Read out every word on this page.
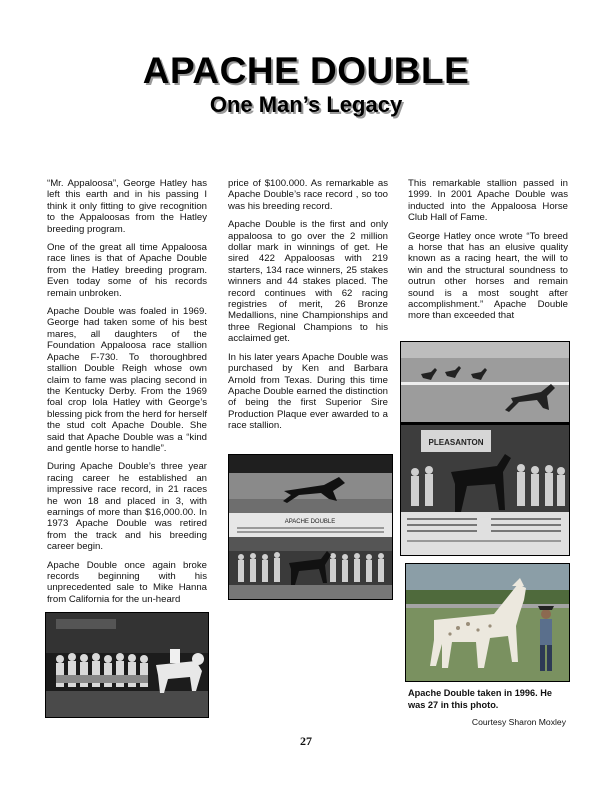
APACHE DOUBLE
One Man’s Legacy

“Mr. Appaloosa”, George Hatley has left this earth and in his passing I think it only fitting to give recognition to the Appaloosas from the Hatley breeding program.

One of the great all time Appaloosa race lines is that of Apache Double from the Hatley breeding program. Even today some of his records remain unbroken.

Apache Double was foaled in 1969. George had taken some of his best mares, all daughters of the Foundation Appaloosa race stallion Apache F-730. To thoroughbred stallion Double Reigh whose own claim to fame was placing second in the Kentucky Derby. From the 1969 foal crop Iola Hatley with George’s blessing pick from the herd for herself the stud colt Apache Double. She said that Apache Double was a “kind and gentle horse to handle”.

During Apache Double’s three year racing career he established an impressive race record, in 21 races he won 18 and placed in 3, with earnings of more than $16,000.00. In 1973 Apache Double was retired from the track and his breeding career begin.

Apache Double once again broke records beginning with his unprecedented sale to Mike Hanna from California for the un-heard

price of $100.000. As remarkable as Apache Double’s race record , so too was his breeding record.

Apache Double is the first and only appaloosa to go over the 2 million dollar mark in winnings of get. He sired 422 Appaloosas with 219 starters, 134 race winners, 25 stakes winners and 44 stakes placed. The record continues with 62 racing registries of merit, 26 Bronze Medallions, nine Championships and three Regional Champions to his acclaimed get.

In his later years Apache Double was purchased by Ken and Barbara Arnold from Texas. During this time Apache Double earned the distinction of being the first Superior Sire Production Plaque ever awarded to a race stallion.

This remarkable stallion passed in 1999. In 2001 Apache Double was inducted into the Appaloosa Horse Club Hall of Fame.

George Hatley once wrote “To breed a horse that has an elusive quality known as a racing heart, the will to win and the structural soundness to outrun other horses and remain sound is a most sought after accomplishment.” Apache Double more than exceeded that

APACHE DOUBLE
PLEASANTON
Apache Double taken in 1996. He was 27 in this photo.
Courtesy Sharon Moxley
27
